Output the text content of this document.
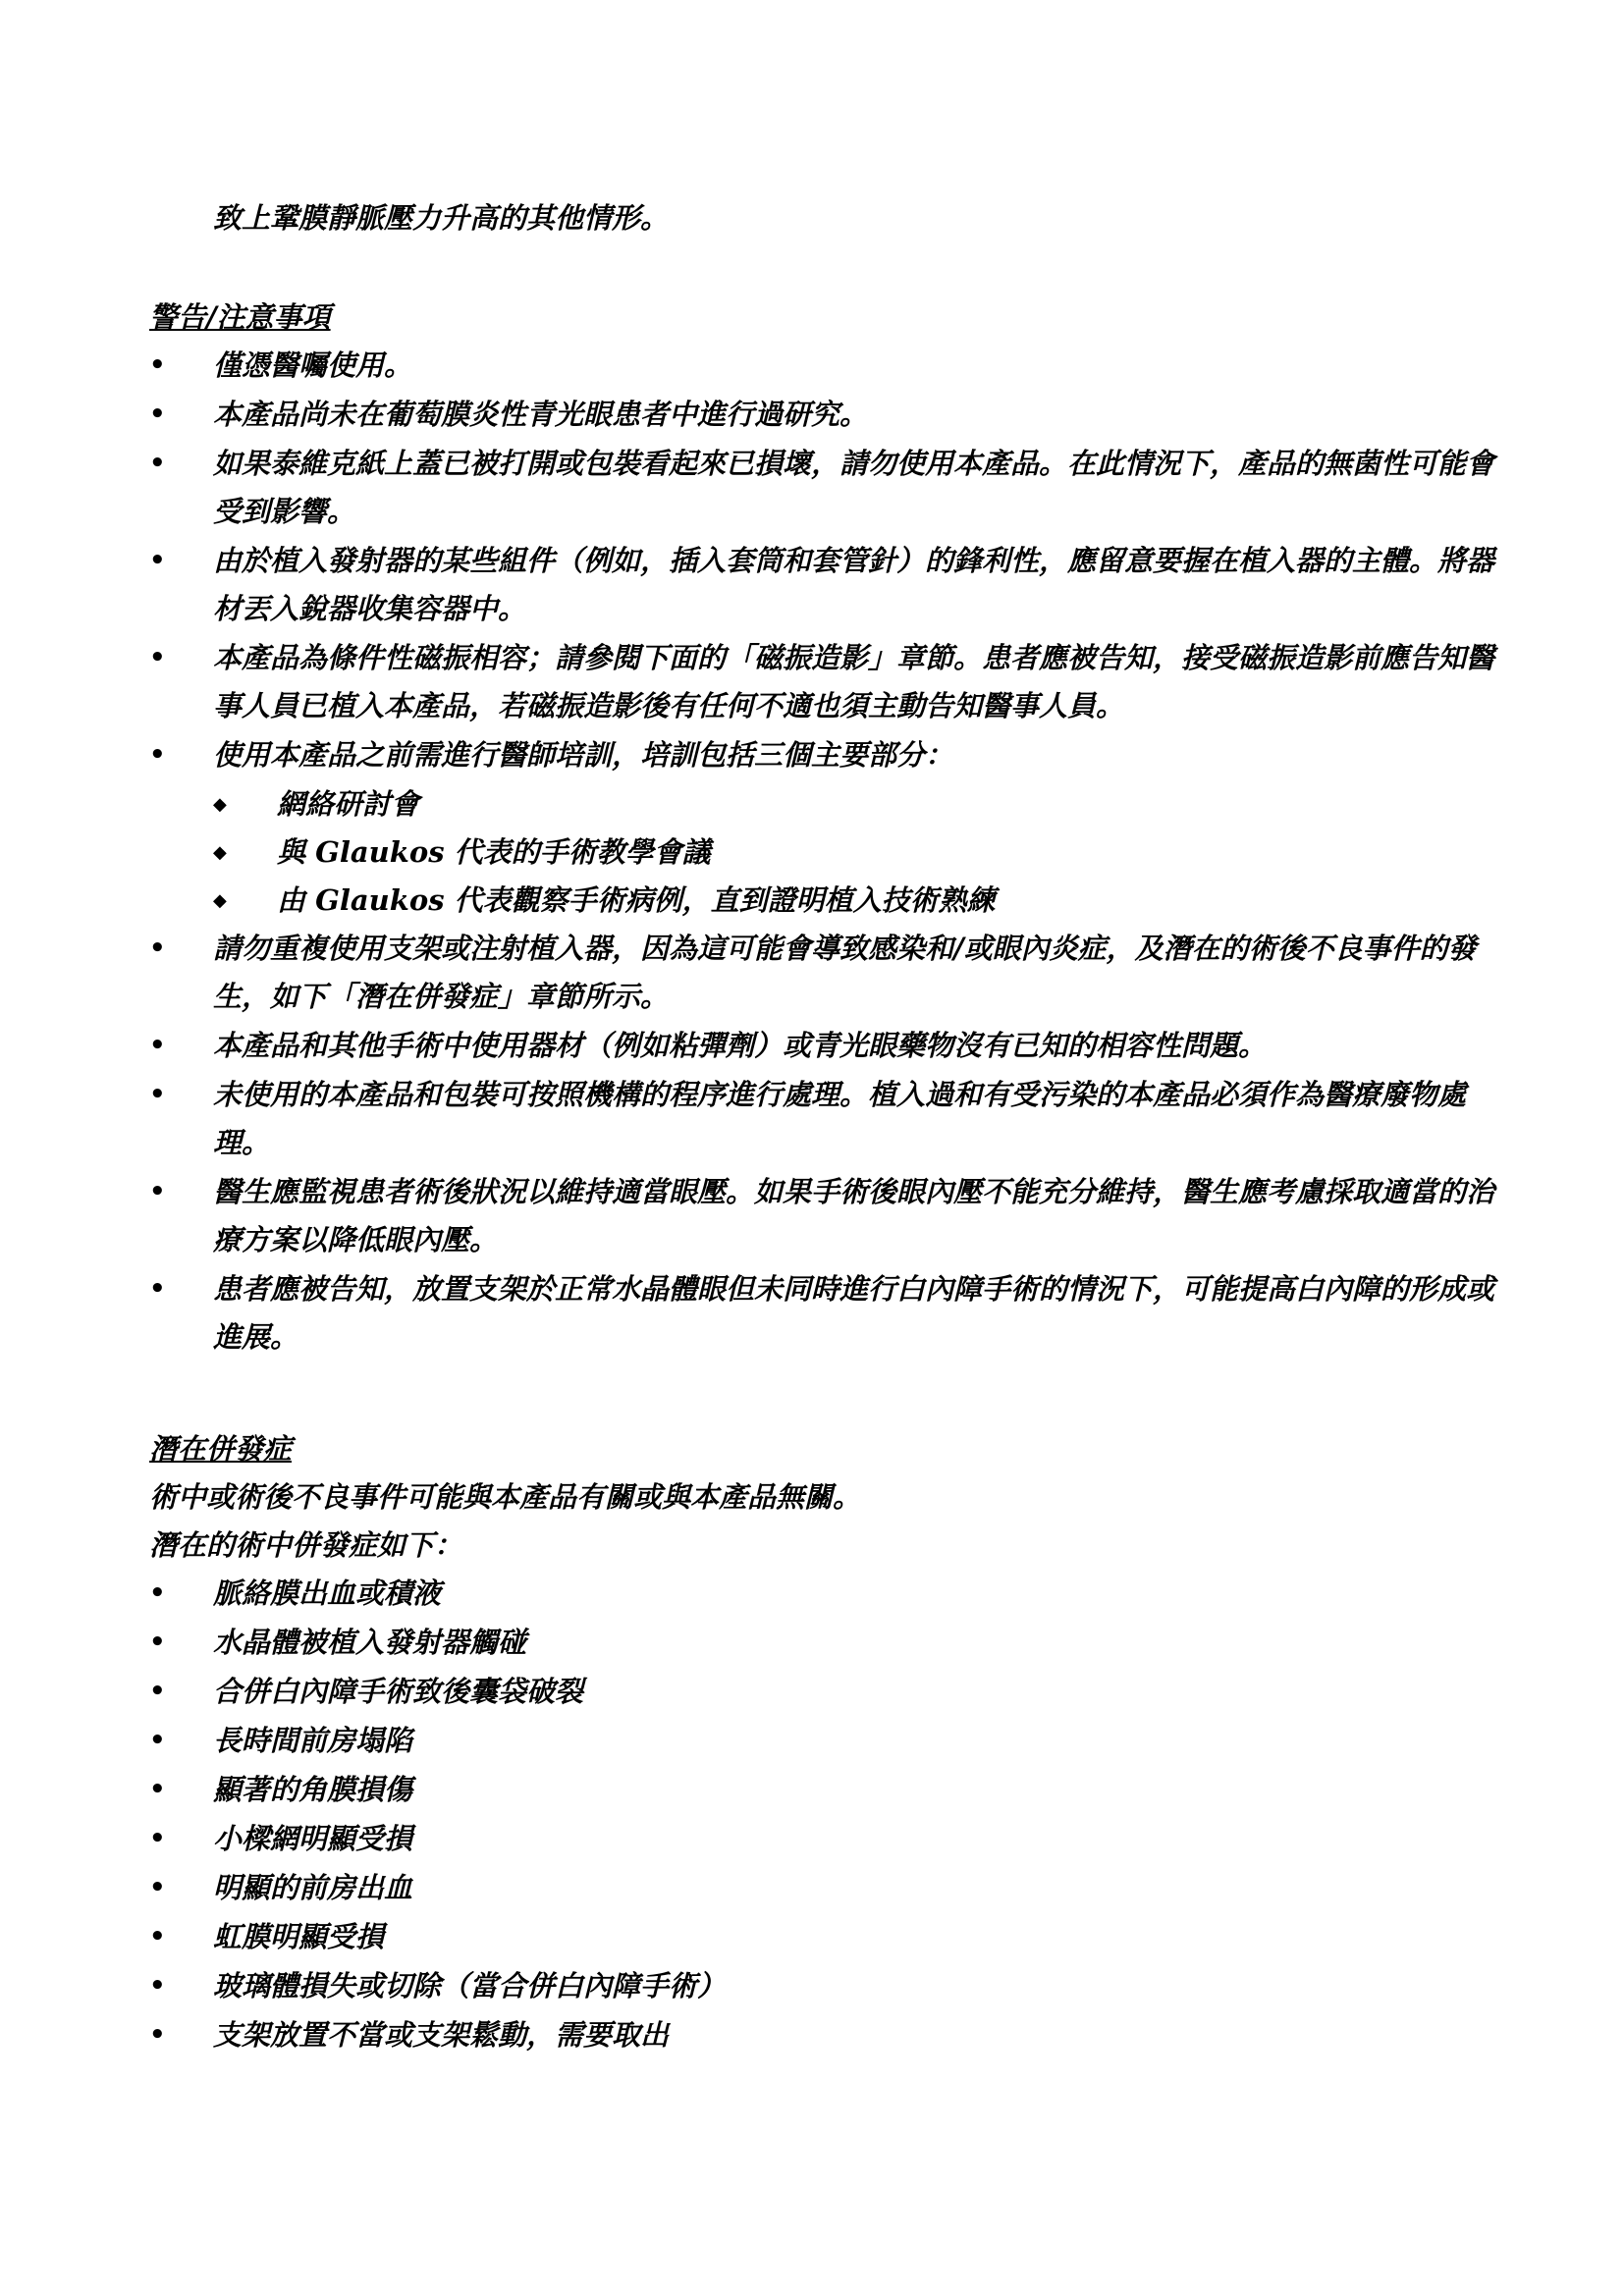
致上鞏膜靜脈壓力升高的其他情形。

警告/注意事項

•	僅憑醫囑使用。
•	本產品尚未在葡萄膜炎性青光眼患者中進行過研究。
•	如果泰維克紙上蓋已被打開或包裝看起來已損壞，請勿使用本產品。在此情況下，產品的無菌性可能會受到影響。
•	由於植入發射器的某些組件（例如，插入套筒和套管針）的鋒利性，應留意要握在植入器的主體。將器材丟入銳器收集容器中。
•	本產品為條件性磁振相容；請參閱下面的「磁振造影」章節。患者應被告知，接受磁振造影前應告知醫事人員已植入本產品，若磁振造影後有任何不適也須主動告知醫事人員。
•	使用本產品之前需進行醫師培訓，培訓包括三個主要部分：
◆ 網絡研討會
◆ 與 Glaukos 代表的手術教學會議
◆ 由 Glaukos 代表觀察手術病例，直到證明植入技術熟練
•	請勿重複使用支架或注射植入器，因為這可能會導致感染和/或眼內炎症，及潛在的術後不良事件的發生，如下「潛在併發症」章節所示。
•	本產品和其他手術中使用器材（例如粘彈劑）或青光眼藥物沒有已知的相容性問題。
•	未使用的本產品和包裝可按照機構的程序進行處理。植入過和有受污染的本產品必須作為醫療廢物處理。
•	醫生應監視患者術後狀況以維持適當眼壓。如果手術後眼內壓不能充分維持，醫生應考慮採取適當的治療方案以降低眼內壓。
•	患者應被告知，放置支架於正常水晶體眼但未同時進行白內障手術的情況下，可能提高白內障的形成或進展。

潛在併發症

術中或術後不良事件可能與本產品有關或與本產品無關。

潛在的術中併發症如下：

•	脈絡膜出血或積液
•	水晶體被植入發射器觸碰
•	合併白內障手術致後囊袋破裂
•	長時間前房塌陷
•	顯著的角膜損傷
•	小樑網明顯受損
•	明顯的前房出血
•	虹膜明顯受損
•	玻璃體損失或切除（當合併白內障手術）
•	支架放置不當或支架鬆動，需要取出
